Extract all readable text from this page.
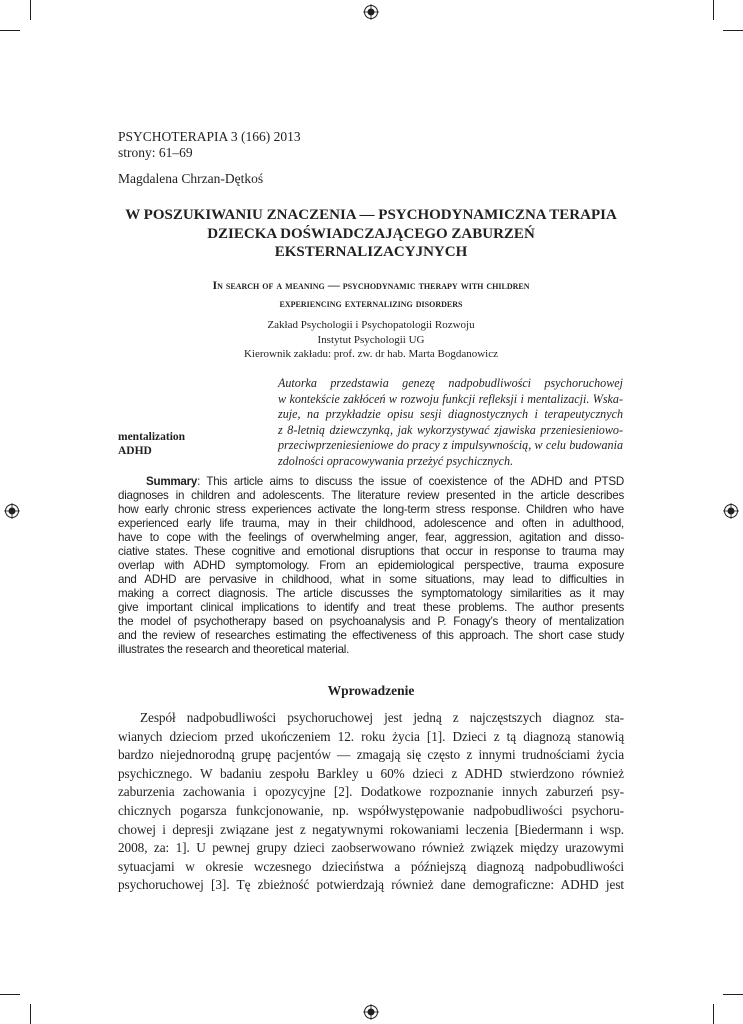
PSYCHOTERAPIA 3 (166) 2013
strony: 61–69
Magdalena Chrzan-Dętkoś
W POSZUKIWANIU ZNACZENIA — PSYCHODYNAMICZNA TERAPIA
DZIECKA DOŚWIADCZAJĄCEGO ZABURZEŃ
EKSTERNALIZACYJNYCH
In search of a meaning — psychodynamic therapy with children
experiencing externalizing disorders
Zakład Psychologii i Psychopatologii Rozwoju
Instytut Psychologii UG
Kierownik zakładu: prof. zw. dr hab. Marta Bogdanowicz
Autorka przedstawia genezę nadpobudliwości psychoruchowej
w kontekście zakłóceń w rozwoju funkcji refleksji i mentalizacji. Wska-
zuje, na przykładzie opisu sesji diagnostycznych i terapeutycznych
z 8-letnią dziewczynką, jak wykorzystywać zjawiska przeniesieniowo-
przeciwprzeniesieniowe do pracy z impulsywnością, w celu budowania
zdolności opracowywania przeżyć psychicznych.
mentalization
ADHD
Summary: This article aims to discuss the issue of coexistence of the ADHD and PTSD
diagnoses in children and adolescents. The literature review presented in the article describes
how early chronic stress experiences activate the long-term stress response. Children who have
experienced early life trauma, may in their childhood, adolescence and often in adulthood,
have to cope with the feelings of overwhelming anger, fear, aggression, agitation and disso-
ciative states. These cognitive and emotional disruptions that occur in response to trauma may
overlap with ADHD symptomology. From an epidemiological perspective, trauma exposure
and ADHD are pervasive in childhood, what in some situations, may lead to difficulties in
making a correct diagnosis. The article discusses the symptomatology similarities as it may
give important clinical implications to identify and treat these problems. The author presents
the model of psychotherapy based on psychoanalysis and P. Fonagy’s theory of mentalization
and the review of researches estimating the effectiveness of this approach. The short case study
illustrates the research and theoretical material.
Wprowadzenie
Zespół nadpobudliwości psychoruchowej jest jedną z najczęstszych diagnoz sta-
wianych dzieciom przed ukończeniem 12. roku życia [1]. Dzieci z tą diagnozą stanowią
bardzo niejednorodną grupę pacjentów — zmagają się często z innymi trudnościami życia
psychicznego. W badaniu zespołu Barkley u 60% dzieci z ADHD stwierdzono również
zaburzenia zachowania i opozycyjne [2]. Dodatkowe rozpoznanie innych zaburzeń psy-
chicznych pogarsza funkcjonowanie, np. współwystępowanie nadpobudliwości psychoru-
chowej i depresji związane jest z negatywnymi rokowaniami leczenia [Biedermann i wsp.
2008, za: 1]. U pewnej grupy dzieci zaobserwowano również związek między urazowymi
sytuacjami w okresie wczesnego dzieciństwa a późniejszą diagnozą nadpobudliwości
psychoruchowej [3]. Tę zbieżność potwierdzają również dane demograficzne: ADHD jest
